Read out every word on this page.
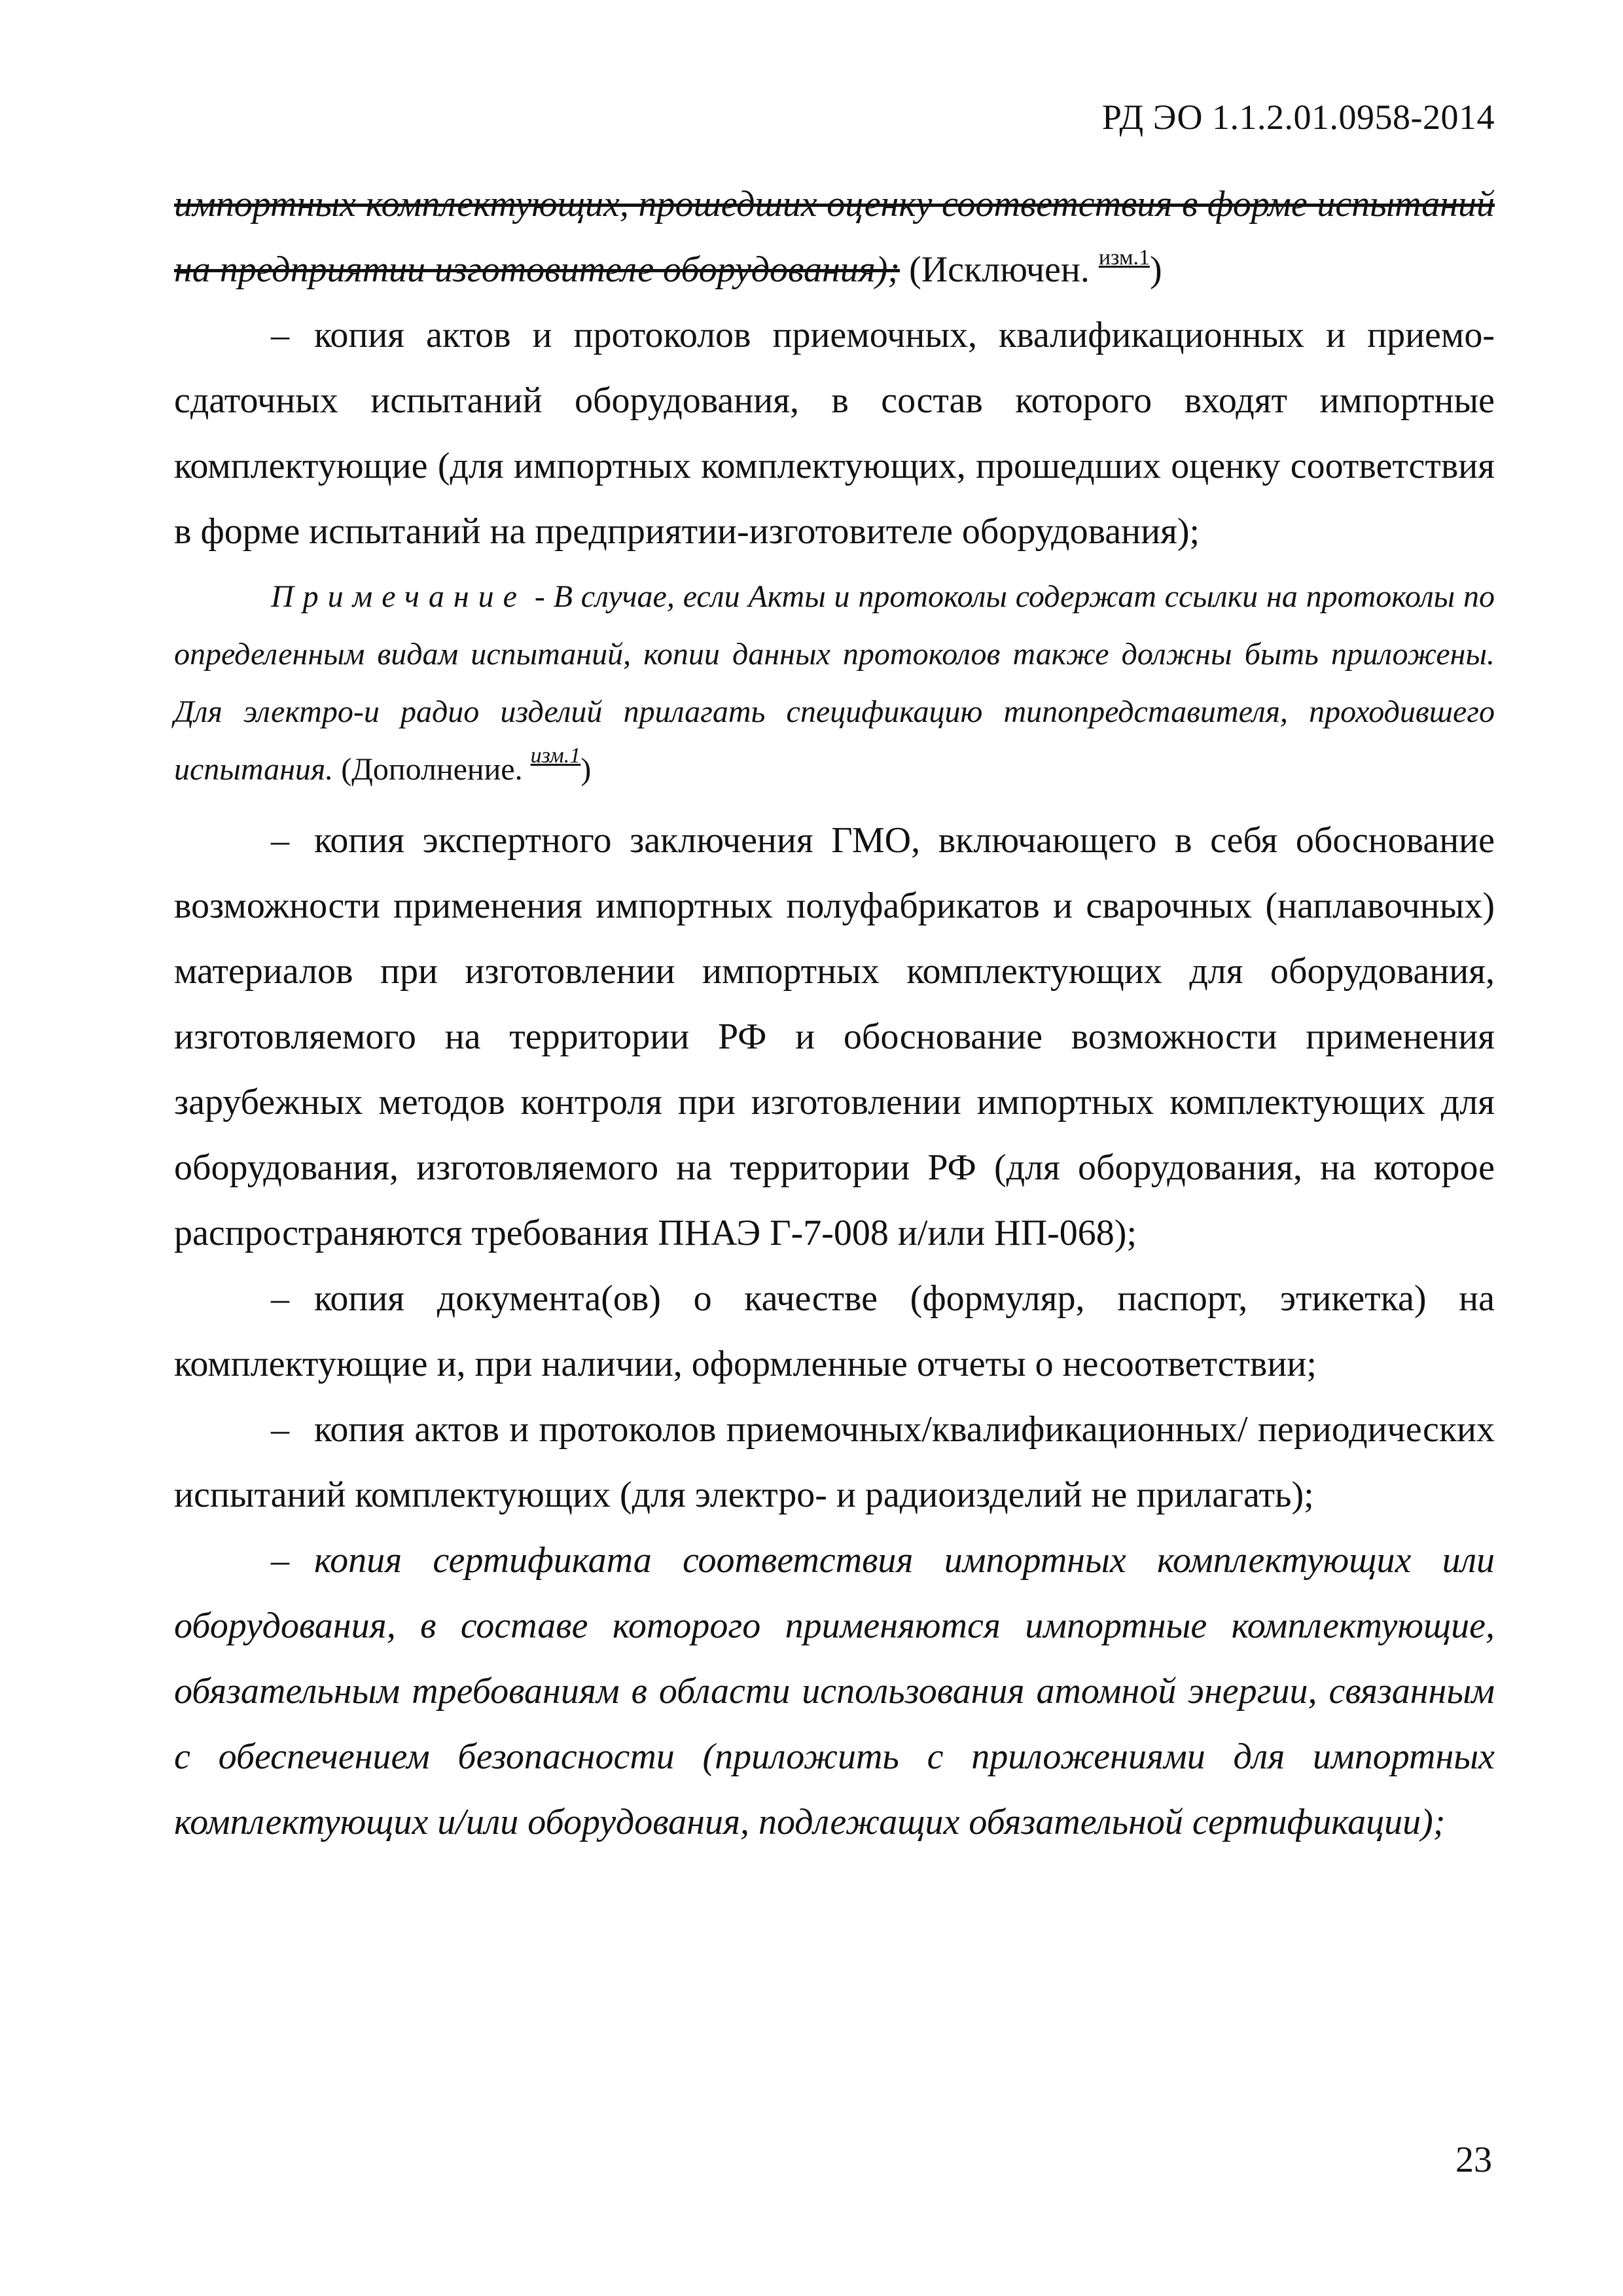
РД ЭО 1.1.2.01.0958-2014

импортных комплектующих, прошедших оценку соответствия в форме испытаний на предприятии изготовителе оборудования); (Исключен. $^{изм.1}$)

– копия актов и протоколов приемочных, квалификационных и приемо-сдаточных испытаний оборудования, в состав которого входят импортные комплектующие (для импортных комплектующих, прошедших оценку соответствия в форме испытаний на предприятии-изготовителе оборудования);

Примечание - В случае, если Акты и протоколы содержат ссылки на протоколы по определенным видам испытаний, копии данных протоколов также должны быть приложены. Для электро-и радио изделий прилагать спецификацию типопредставителя, проходившего испытания. (Дополнение. $^{изм.1}$)

– копия экспертного заключения ГМО, включающего в себя обоснование возможности применения импортных полуфабрикатов и сварочных (наплавочных) материалов при изготовлении импортных комплектующих для оборудования, изготовляемого на территории РФ и обоснование возможности применения зарубежных методов контроля при изготовлении импортных комплектующих для оборудования, изготовляемого на территории РФ (для оборудования, на которое распространяются требования ПНАЭ Г-7-008 и/или НП-068);

– копия документа(ов) о качестве (формуляр, паспорт, этикетка) на комплектующие и, при наличии, оформленные отчеты о несоответствии;

– копия актов и протоколов приемочных/квалификационных/ периодических испытаний комплектующих (для электро- и радиоизделий не прилагать);

– копия сертификата соответствия импортных комплектующих или оборудования, в составе которого применяются импортные комплектующие, обязательным требованиям в области использования атомной энергии, связанным с обеспечением безопасности (приложить с приложениями для импортных комплектующих и/или оборудования, подлежащих обязательной сертификации);

23
